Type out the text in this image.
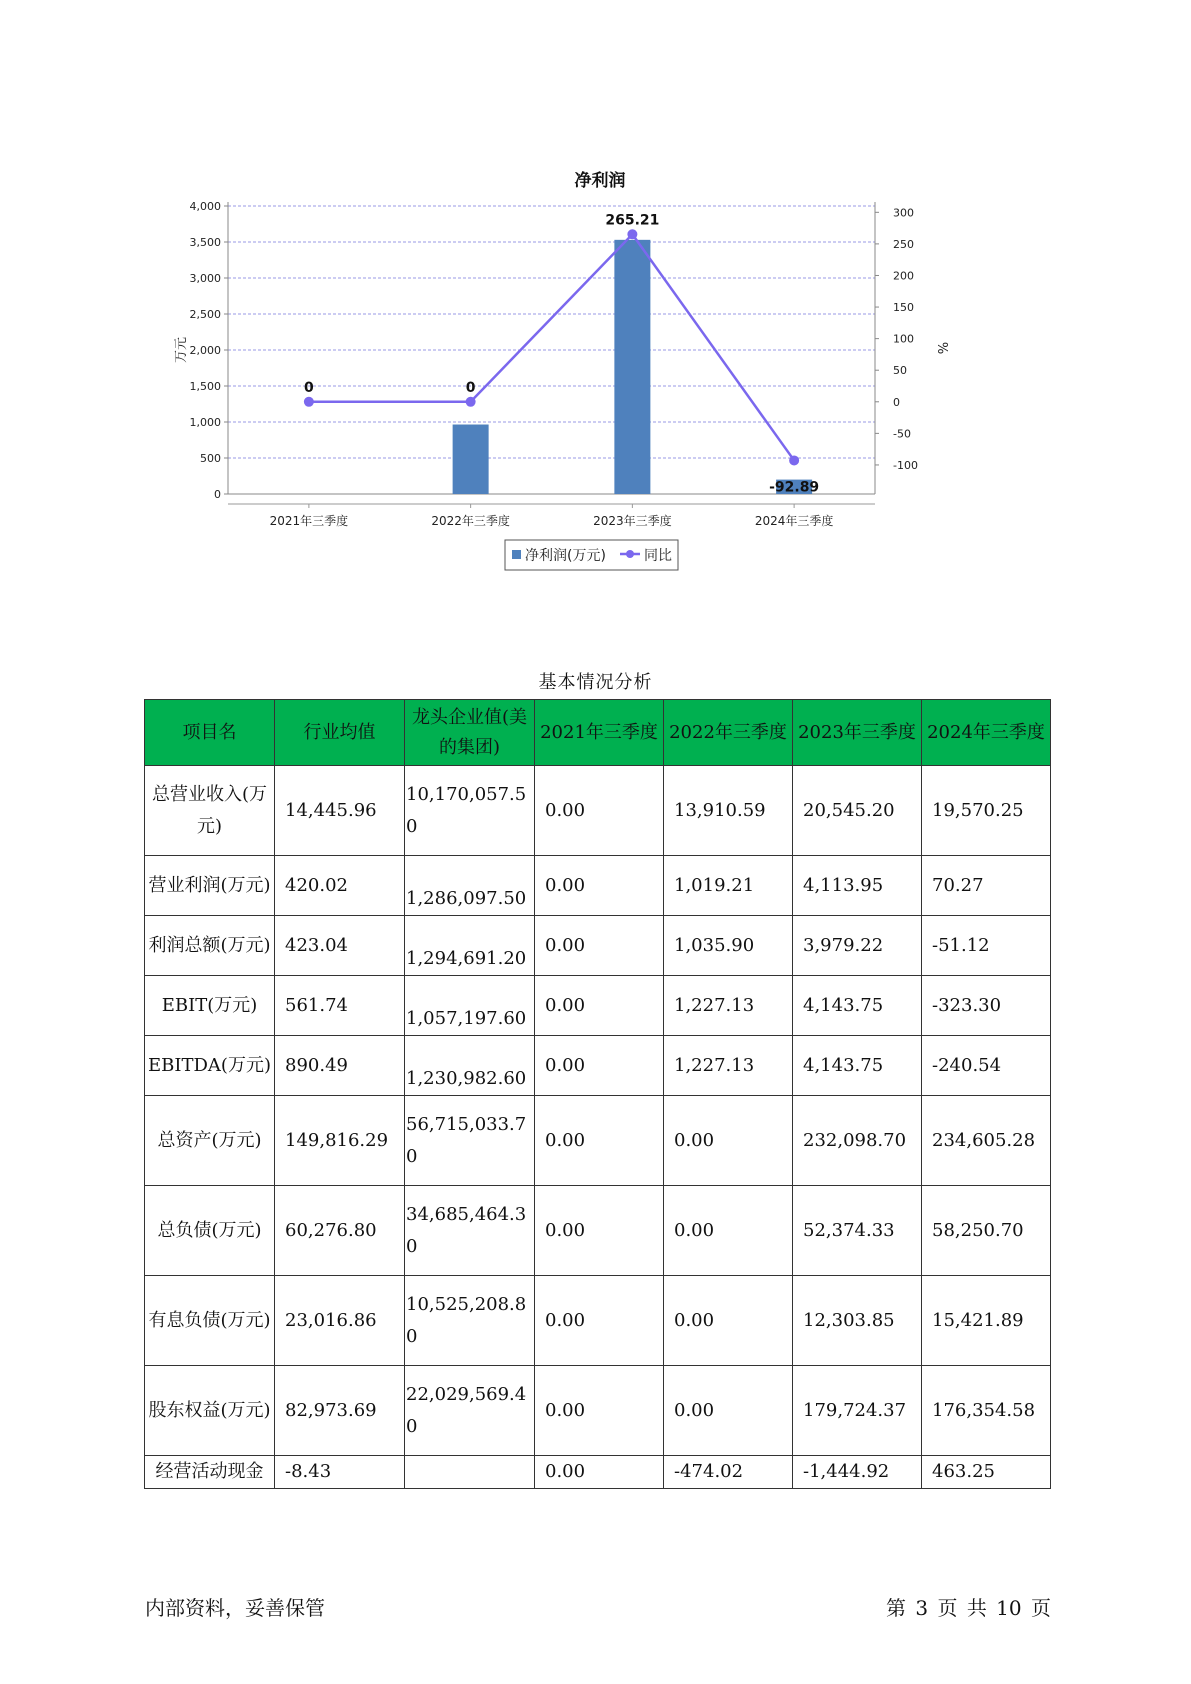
净利润
0
500
1,000
1,500
2,000
2,500
3,000
3,500
4,000
-100
-50
0
50
100
150
200
250
300
2021年三季度	2022年三季度	2023年三季度	2024年三季度
0	0
265.21
-92.89
万元	%
净利润(万元)	同比
基本情况分析
项目名	行业均值	龙头企业值(美的集团)	2021年三季度	2022年三季度	2023年三季度	2024年三季度
总营业收入(万元)	14,445.96	10,170,057.50	0.00	13,910.59	20,545.20	19,570.25
营业利润(万元)	420.02	1,286,097.50	0.00	1,019.21	4,113.95	70.27
利润总额(万元)	423.04	1,294,691.20	0.00	1,035.90	3,979.22	-51.12
EBIT(万元)	561.74	1,057,197.60	0.00	1,227.13	4,143.75	-323.30
EBITDA(万元)	890.49	1,230,982.60	0.00	1,227.13	4,143.75	-240.54
总资产(万元)	149,816.29	56,715,033.70	0.00	0.00	232,098.70	234,605.28
总负债(万元)	60,276.80	34,685,464.30	0.00	0.00	52,374.33	58,250.70
有息负债(万元)	23,016.86	10,525,208.80	0.00	0.00	12,303.85	15,421.89
股东权益(万元)	82,973.69	22,029,569.40	0.00	0.00	179,724.37	176,354.58
经营活动现金	-8.43		0.00	-474.02	-1,444.92	463.25
内部资料，妥善保管	第 3 页 共 10 页
